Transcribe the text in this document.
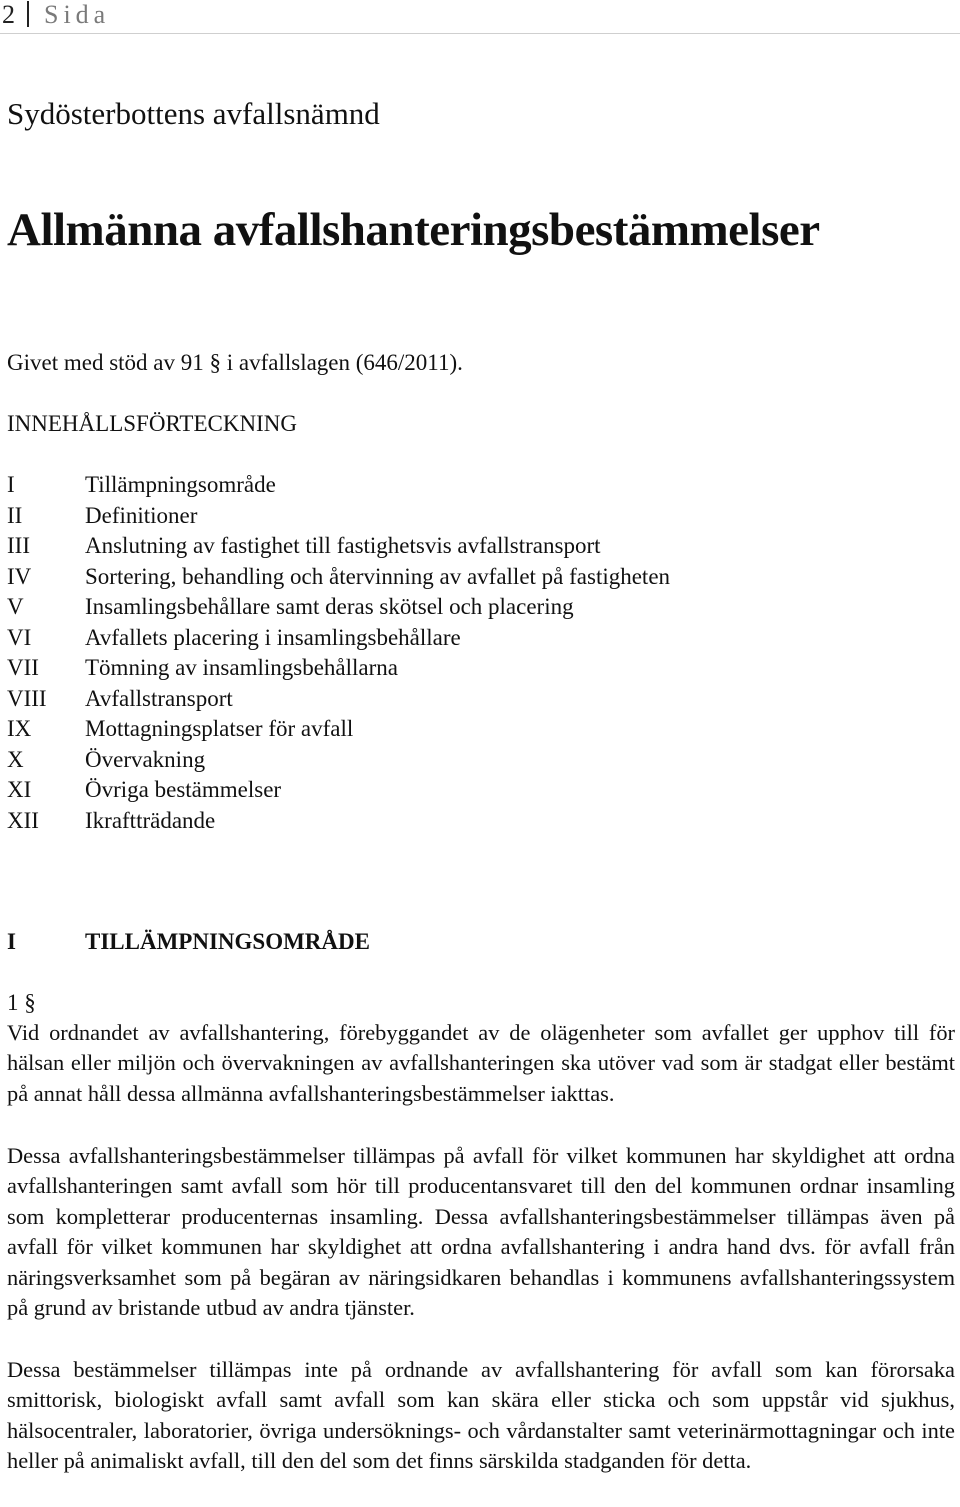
2 Sida
Sydösterbottens avfallsnämnd
Allmänna avfallshanteringsbestämmelser
Givet med stöd av 91 § i avfallslagen (646/2011).
INNEHÅLLSFÖRTECKNING
I	Tillämpningsområde
II	Definitioner
III Anslutning av fastighet till fastighetsvis avfallstransport
IV Sortering, behandling och återvinning av avfallet på fastigheten
V	Insamlingsbehållare samt deras skötsel och placering
VI Avfallets placering i insamlingsbehållare
VII Tömning av insamlingsbehållarna
VIII Avfallstransport
IX Mottagningsplatser för avfall
X	Övervakning
XI Övriga bestämmelser
XII Ikraftträdande
I	TILLÄMPNINGSOMRÅDE
1 §

Vid ordnandet av avfallshantering, förebyggandet av de olägenheter som avfallet ger upphov till för hälsan eller miljön och övervakningen av avfallshanteringen ska utöver vad som är stadgat eller bestämt på annat håll dessa allmänna avfallshanteringsbestämmelser iakttas.

Dessa avfallshanteringsbestämmelser tillämpas på avfall för vilket kommunen har skyldighet att ordna avfallshanteringen samt avfall som hör till producentansvaret till den del kommunen ordnar insamling som kompletterar producenternas insamling. Dessa avfallshanteringsbestämmelser tillämpas även på avfall för vilket kommunen har skyldighet att ordna avfallshantering i andra hand dvs. för avfall från näringsverksamhet som på begäran av näringsidkaren behandlas i kommunens avfallshanteringssystem på grund av bristande utbud av andra tjänster.

Dessa bestämmelser tillämpas inte på ordnande av avfallshantering för avfall som kan förorsaka smittorisk, biologiskt avfall samt avfall som kan skära eller sticka och som uppstår vid sjukhus, hälsocentraler, laboratorier, övriga undersöknings- och vårdanstalter samt veterinärmottagningar och inte heller på animaliskt avfall, till den del som det finns särskilda stadganden för detta.
